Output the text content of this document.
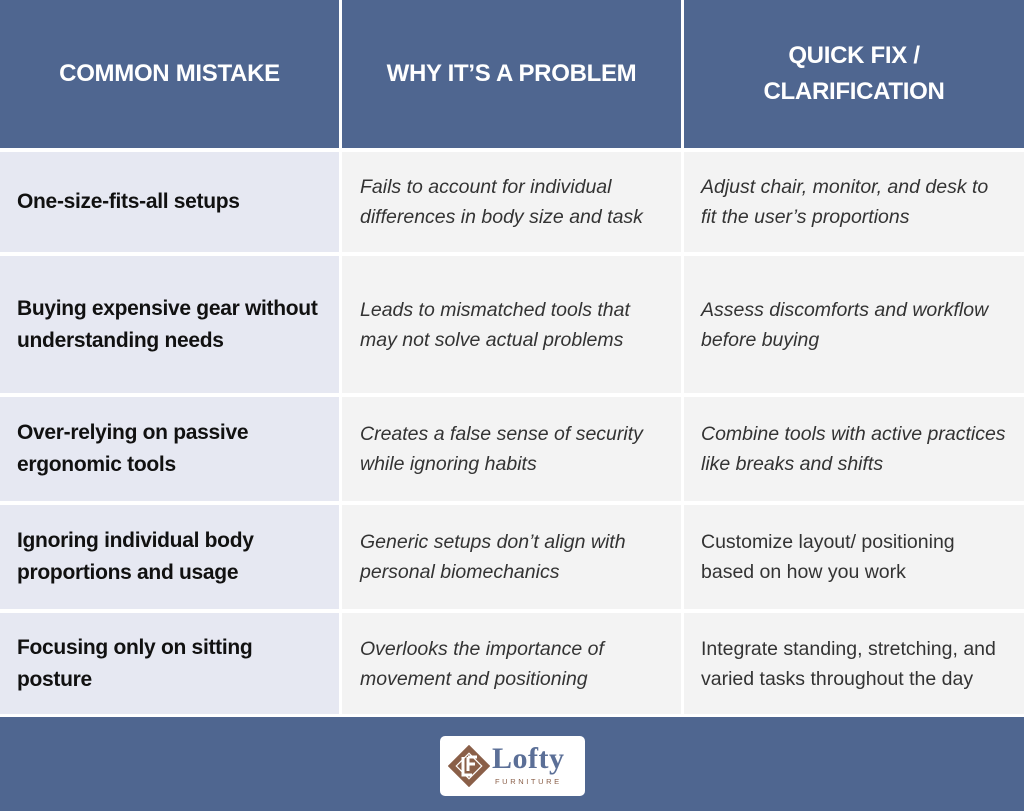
COMMON MISTAKE	WHY IT’S A PROBLEM	QUICK FIX / CLARIFICATION
One-size-fits-all setups	Fails to account for individual differences in body size and task	Adjust chair, monitor, and desk to fit the user’s proportions
Buying expensive gear without understanding needs	Leads to mismatched tools that may not solve actual problems	Assess discomforts and workflow before buying
Over-relying on passive ergonomic tools	Creates a false sense of security while ignoring habits	Combine tools with active practices like breaks and shifts
Ignoring individual body proportions and usage	Generic setups don’t align with personal biomechanics	Customize layout/ positioning based on how you work
Focusing only on sitting posture	Overlooks the importance of movement and positioning	Integrate standing, stretching, and varied tasks throughout the day
Lofty
FURNITURE
